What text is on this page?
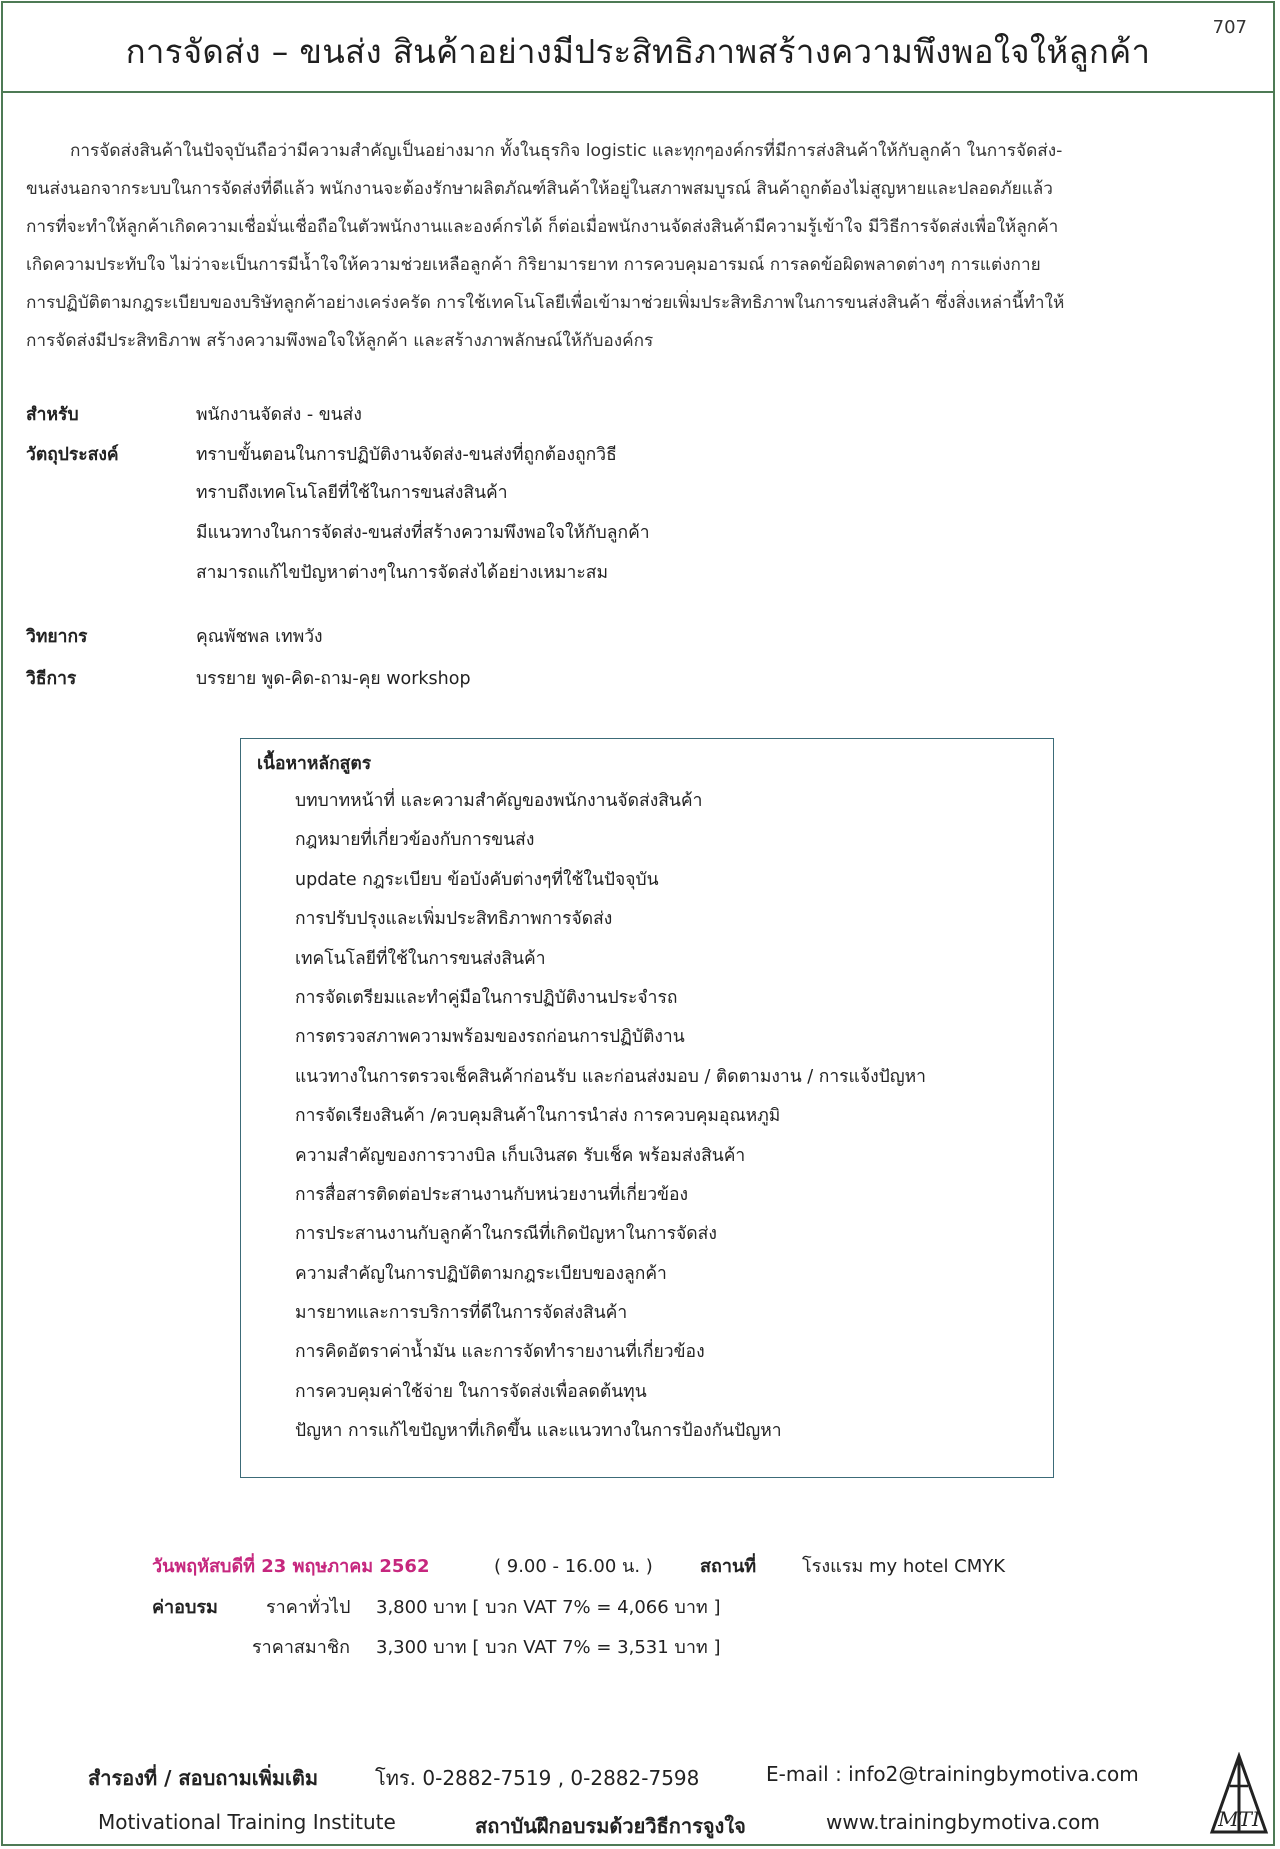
การจัดส่ง – ขนส่ง สินค้าอย่างมีประสิทธิภาพสร้างความพึงพอใจให้ลูกค้า
707
การจัดส่งสินค้าในปัจจุบันถือว่ามีความสำคัญเป็นอย่างมาก ทั้งในธุรกิจ logistic และทุกๆองค์กรที่มีการส่งสินค้าให้กับลูกค้า ในการจัดส่ง-
ขนส่งนอกจากระบบในการจัดส่งที่ดีแล้ว พนักงานจะต้องรักษาผลิตภัณฑ์สินค้าให้อยู่ในสภาพสมบูรณ์ สินค้าถูกต้องไม่สูญหายและปลอดภัยแล้ว
การที่จะทำให้ลูกค้าเกิดความเชื่อมั่นเชื่อถือในตัวพนักงานและองค์กรได้ ก็ต่อเมื่อพนักงานจัดส่งสินค้ามีความรู้เข้าใจ มีวิธีการจัดส่งเพื่อให้ลูกค้า
เกิดความประทับใจ ไม่ว่าจะเป็นการมีน้ำใจให้ความช่วยเหลือลูกค้า กิริยามารยาท การควบคุมอารมณ์ การลดข้อผิดพลาดต่างๆ การแต่งกาย
การปฏิบัติตามกฎระเบียบของบริษัทลูกค้าอย่างเคร่งครัด การใช้เทคโนโลยีเพื่อเข้ามาช่วยเพิ่มประสิทธิภาพในการขนส่งสินค้า ซึ่งสิ่งเหล่านี้ทำให้
การจัดส่งมีประสิทธิภาพ สร้างความพึงพอใจให้ลูกค้า และสร้างภาพลักษณ์ให้กับองค์กร
สำหรับ	พนักงานจัดส่ง - ขนส่ง
วัตถุประสงค์	ทราบขั้นตอนในการปฏิบัติงานจัดส่ง-ขนส่งที่ถูกต้องถูกวิธี
ทราบถึงเทคโนโลยีที่ใช้ในการขนส่งสินค้า
มีแนวทางในการจัดส่ง-ขนส่งที่สร้างความพึงพอใจให้กับลูกค้า
สามารถแก้ไขปัญหาต่างๆในการจัดส่งได้อย่างเหมาะสม
วิทยากร	คุณพัชพล เทพวัง
วิธีการ	บรรยาย พูด-คิด-ถาม-คุย workshop
เนื้อหาหลักสูตร
บทบาทหน้าที่ และความสำคัญของพนักงานจัดส่งสินค้า
กฎหมายที่เกี่ยวข้องกับการขนส่ง
update กฎระเบียบ ข้อบังคับต่างๆที่ใช้ในปัจจุบัน
การปรับปรุงและเพิ่มประสิทธิภาพการจัดส่ง
เทคโนโลยีที่ใช้ในการขนส่งสินค้า
การจัดเตรียมและทำคู่มือในการปฏิบัติงานประจำรถ
การตรวจสภาพความพร้อมของรถก่อนการปฏิบัติงาน
แนวทางในการตรวจเช็คสินค้าก่อนรับ และก่อนส่งมอบ / ติดตามงาน / การแจ้งปัญหา
การจัดเรียงสินค้า /ควบคุมสินค้าในการนำส่ง การควบคุมอุณหภูมิ
ความสำคัญของการวางบิล เก็บเงินสด รับเช็ค พร้อมส่งสินค้า
การสื่อสารติดต่อประสานงานกับหน่วยงานที่เกี่ยวข้อง
การประสานงานกับลูกค้าในกรณีที่เกิดปัญหาในการจัดส่ง
ความสำคัญในการปฏิบัติตามกฎระเบียบของลูกค้า
มารยาทและการบริการที่ดีในการจัดส่งสินค้า
การคิดอัตราค่าน้ำมัน และการจัดทำรายงานที่เกี่ยวข้อง
การควบคุมค่าใช้จ่าย ในการจัดส่งเพื่อลดต้นทุน
ปัญหา การแก้ไขปัญหาที่เกิดขึ้น และแนวทางในการป้องกันปัญหา
วันพฤหัสบดีที่ 23 พฤษภาคม 2562	( 9.00 - 16.00 น. )	สถานที่	โรงแรม my hotel CMYK
ค่าอบรม	ราคาทั่วไป 3,800 บาท [ บวก VAT 7% = 4,066 บาท ]
ราคาสมาชิก 3,300 บาท [ บวก VAT 7% = 3,531 บาท ]
สำรองที่ / สอบถามเพิ่มเติม	โทร. 0-2882-7519 , 0-2882-7598	E-mail : info2@trainingbymotiva.com
Motivational Training Institute	สถาบันฝึกอบรมด้วยวิธีการจูงใจ	www.trainingbymotiva.com	MTI
